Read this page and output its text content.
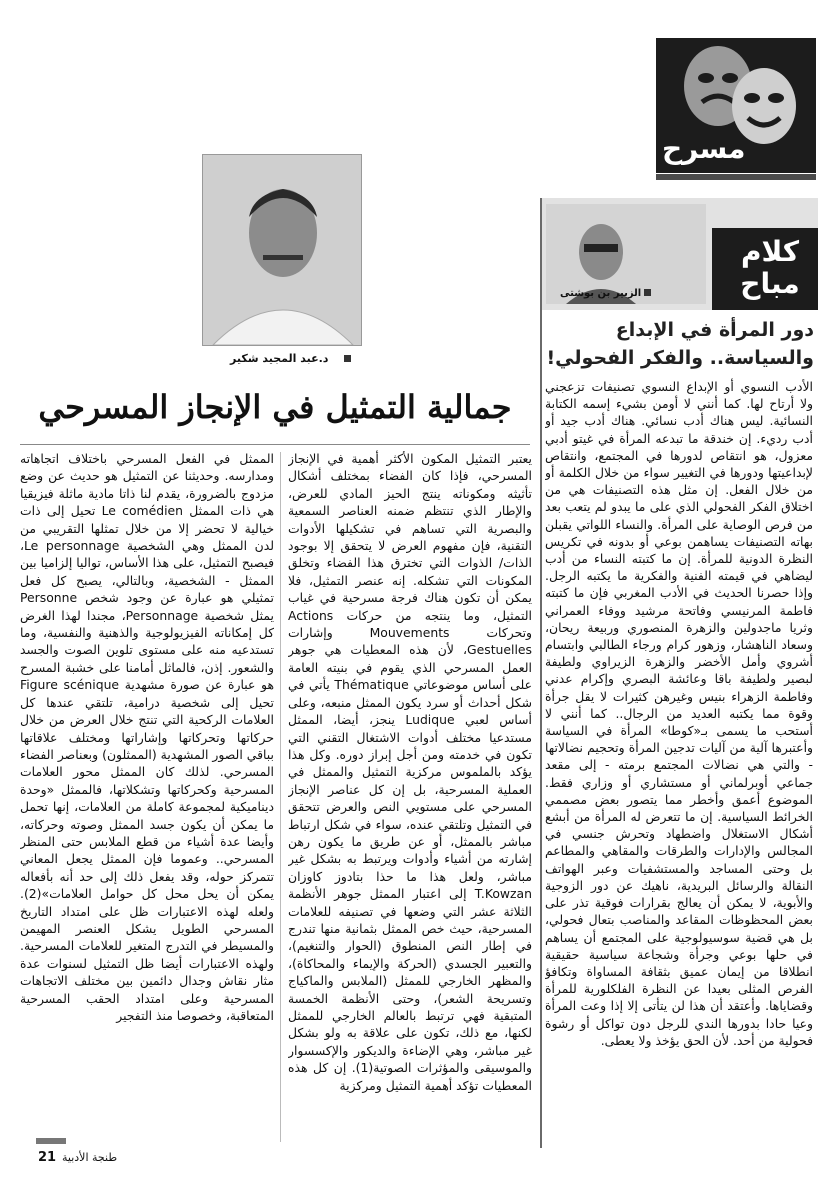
مسرح
كلام
مباح
الزبير بن بوشتى
دور المرأة في الإبداع
والسياسة.. والفكر الفحولي!
الأدب النسوي أو الإبداع النسوي تصنيفات تزعجني ولا أرتاح لها. كما أنني لا أومن بشيء إسمه الكتابة النسائية. ليس هناك أدب نسائي. هناك أدب جيد أو أدب رديء. إن خندقة ما تبدعه المرأة في غيتو أدبي معزول، هو انتقاص لدورها في المجتمع، وانتقاص لإبداعيتها ودورها في التغيير سواء من خلال الكلمة أو من خلال الفعل. إن مثل هذه التصنيفات هي من اختلاق الفكر الفحولي الذي على ما يبدو لم يتعب بعد من فرص الوصاية على المرأة. والنساء اللواتي يقبلن بهاته التصنيفات يساهمن بوعي أو بدونه في تكريس النظرة الدونية للمرأة. إن ما كتبته النساء من أدب ليضاهي في قيمته الفنية والفكرية ما يكتبه الرجل. وإذا حصرنا الحديث في الأدب المغربي فإن ما كتبته فاطمة المرنيسي وفاتحة مرشيد ووفاء العمراني وثريا ماجدولين والزهرة المنصوري وربيعة ريحان، وسعاد الناهشار، وزهور كرام ورجاء الطالبي وابتسام أشروي وأمل الأخضر والزهرة الزيراوي ولطيفة لبصير ولطيفة باقا وعائشة البصري وإكرام عدني وفاطمة الزهراء بنيس وغيرهن كثيرات لا يقل جرأة وقوة مما يكتبه العديد من الرجال.. كما أنني لا أستحب ما يسمى بـ«كوطا» المرأة في السياسة وأعتبرها آلية من آليات تدجين المرأة وتحجيم نضالاتها - والتي هي نضالات المجتمع برمته - إلى مقعد جماعي أوبرلماني أو مستشاري أو وزاري فقط. الموضوع أعمق وأخطر مما يتصور بعض مصممي الخرائط السياسية. إن ما تتعرض له المرأة من أبشع أشكال الاستغلال واضطهاد وتحرش جنسي في المجالس والإدارات والطرقات والمقاهي والمطاعم بل وحتى المساجد والمستشفيات وعبر الهواتف النقالة والرسائل البريدية، ناهيك عن دور الزوجية والأبوية، لا يمكن أن يعالج بقرارات فوقية تذر على بعض المحظوظات المقاعد والمناصب بتعال فحولي، بل هي قضية سوسيولوجية على المجتمع أن يساهم في حلها بوعي وجرأة وشجاعة سياسية حقيقية انطلاقا من إيمان عميق بثقافة المساواة وتكافؤ الفرص المثلى بعيدا عن النظرة الفلكلورية للمرأة وقضاياها. وأعتقد أن هذا لن يتأتى إلا إذا وعت المرأة وعيا حادا بدورها الندي للرجل دون تواكل أو رشوة فحولية من أحد. لأن الحق يؤخذ ولا يعطى.
د.عبد المجيد شكير
جمالية التمثيل في الإنجاز المسرحي
يعتبر التمثيل المكون الأكثر أهمية في الإنجاز المسرحي، فإذا كان الفضاء بمختلف أشكال تأثيثه ومكوناته ينتج الحيز المادي للعرض، والإطار الذي تنتظم ضمنه العناصر السمعية والبصرية التي تساهم في تشكيلها الأدوات التقنية، فإن مفهوم العرض لا يتحقق إلا بوجود الذات/ الذوات التي تخترق هذا الفضاء وتخلق المكونات التي تشكله. إنه عنصر التمثيل، فلا يمكن أن تكون هناك فرجة مسرحية في غياب التمثيل، وما ينتجه من حركات Actions وتحركات Mouvements وإشارات Gestuelles، لأن هذه المعطيات هي جوهر العمل المسرحي الذي يقوم في بنيته العامة على أساس موضوعاتي Thématique يأتي في شكل أحداث أو سرد يكون الممثل منبعه، وعلى أساس لعبي Ludique ينجز، أيضا، الممثل مستدعيا مختلف أدوات الاشتغال التقني التي تكون في خدمته ومن أجل إبراز دوره. وكل هذا يؤكد بالملموس مركزية التمثيل والممثل في العملية المسرحية، بل إن كل عناصر الإنجاز المسرحي على مستويي النص والعرض تتحقق في التمثيل وتلتقي عنده، سواء في شكل ارتباط مباشر بالممثل، أو عن طريق ما يكون رهن إشارته من أشياء وأدوات ويرتبط به بشكل غير مباشر، ولعل هذا ما حذا بتادوز كاوزان T.Kowzan إلى اعتبار الممثل جوهر الأنظمة الثلاثة عشر التي وضعها في تصنيفه للعلامات المسرحية، حيث خص الممثل بثمانية منها تندرج في إطار النص المنطوق (الحوار والتنغيم)، والتعبير الجسدي (الحركة والإيماء والمحاكاة)، والمظهر الخارجي للممثل (الملابس والماكياج وتسريحة الشعر)، وحتى الأنظمة الخمسة المتبقية فهي ترتبط بالعالم الخارجي للممثل لكنها، مع ذلك، تكون على علاقة به ولو بشكل غير مباشر، وهي الإضاءة والديكور والإكسسوار والموسيقى والمؤثرات الصوتية(1). إن كل هذه المعطيات تؤكد أهمية التمثيل ومركزية
الممثل في الفعل المسرحي باختلاف اتجاهاته ومدارسه. وحديثنا عن التمثيل هو حديث عن وضع مزدوج بالضرورة، يقدم لنا ذاتا مادية ماثلة فيزيقيا هي ذات الممثل Le comédien تحيل إلى ذات خيالية لا تحضر إلا من خلال تمثلها التقريبي من لدن الممثل وهي الشخصية Le personnage، فيصبح التمثيل، على هذا الأساس، تواليا إلزاميا بين الممثل - الشخصية، وبالتالي، يصبح كل فعل تمثيلي هو عبارة عن وجود شخص Personne يمثل شخصية Personnage، مجندا لهذا الغرض كل إمكاناته الفيزيولوجية والذهنية والنفسية، وما تستدعيه منه على مستوى تلوين الصوت والجسد والشعور. إذن، فالماثل أمامنا على خشبة المسرح هو عبارة عن صورة مشهدية Figure scénique تحيل إلى شخصية درامية، تلتقي عندها كل العلامات الركحية التي تنتج خلال العرض من خلال حركاتها وتحركاتها وإشاراتها ومختلف علاقاتها بباقي الصور المشهدية (الممثلون) وبعناصر الفضاء المسرحي. لذلك كان الممثل محور العلامات المسرحية وكحركاتها وتشكلاتها، فالممثل «وحدة ديناميكية لمجموعة كاملة من العلامات، إنها تحمل ما يمكن أن يكون جسد الممثل وصوته وحركاته، وأيضا عدة أشياء من قطع الملابس حتى المنظر المسرحي.. وعموما فإن الممثل يجعل المعاني تتمركز حوله، وقد يفعل ذلك إلى حد أنه بأفعاله يمكن أن يحل محل كل حوامل العلامات»(2). ولعله لهذه الاعتبارات ظل على امتداد التاريخ المسرحي الطويل يشكل العنصر المهيمن والمسيطر في التدرج المتغير للعلامات المسرحية. ولهذه الاعتبارات أيضا ظل التمثيل لسنوات عدة مثار نقاش وجدال دائمين بين مختلف الاتجاهات المسرحية وعلى امتداد الحقب المسرحية المتعاقبة، وخصوصا منذ التفجير
21 طنجة الأدبية
